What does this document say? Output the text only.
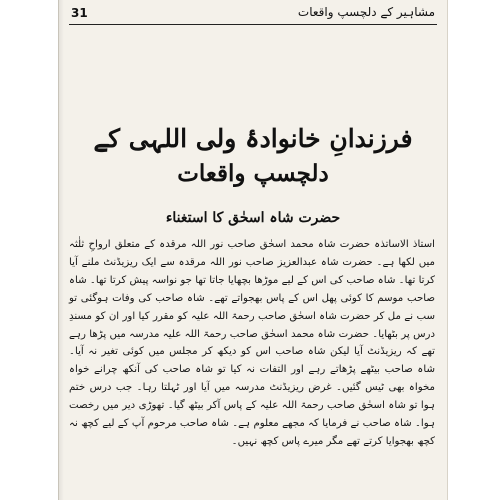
31	مشاہیر کے دلچسپ واقعات
فرزندانِ خانوادۂ ولی اللہی کے
دلچسپ واقعات
حضرت شاہ اسحٰق کا استغناء

استاذ الاساتذہ حضرت شاہ محمد اسحٰق صاحب نور اللہ مرقدہ کے متعلق ارواحِ ثلٰثہ میں لکھا ہے۔ حضرت شاہ عبدالعزیز صاحب نور اللہ مرقدہ سے ایک ریزیڈنٹ ملنے آیا کرتا تھا۔ شاہ صاحب کی اس کے لیے موڑھا بچھایا جاتا تھا جو نواسہ پیش کرتا تھا۔ شاہ صاحب موسم کا کوئی پھل اس کے پاس بھجواتے تھے۔ شاہ صاحب کی وفات ہوگئی تو سب نے مل کر حضرت شاہ اسحٰق صاحب رحمۃ اللہ علیہ کو مقرر کیا اور ان کو مسندِ درس پر بٹھایا۔ حضرت شاہ محمد اسحٰق صاحب رحمۃ اللہ علیہ مدرسہ میں پڑھا رہے تھے کہ ریزیڈنٹ آیا لیکن شاہ صاحب اس کو دیکھ کر مجلس میں کوئی تغیر نہ آیا۔ شاہ صاحب بیٹھے پڑھاتے رہے اور التفات نہ کیا تو شاہ صاحب کی آنکھ چرانے خواہ مخواہ بھی ٹیس گئیں۔ غرض ریزیڈنٹ مدرسہ میں آیا اور ٹہلتا رہا۔ جب درس ختم ہوا تو شاہ اسحٰق صاحب رحمۃ اللہ علیہ کے پاس آکر بیٹھ گیا۔ تھوڑی دیر میں رخصت ہوا۔ شاہ صاحب نے فرمایا کہ مجھے معلوم ہے۔ شاہ صاحب مرحوم آپ کے لیے کچھ نہ کچھ بھجوایا کرتے تھے مگر میرے پاس کچھ نہیں۔
